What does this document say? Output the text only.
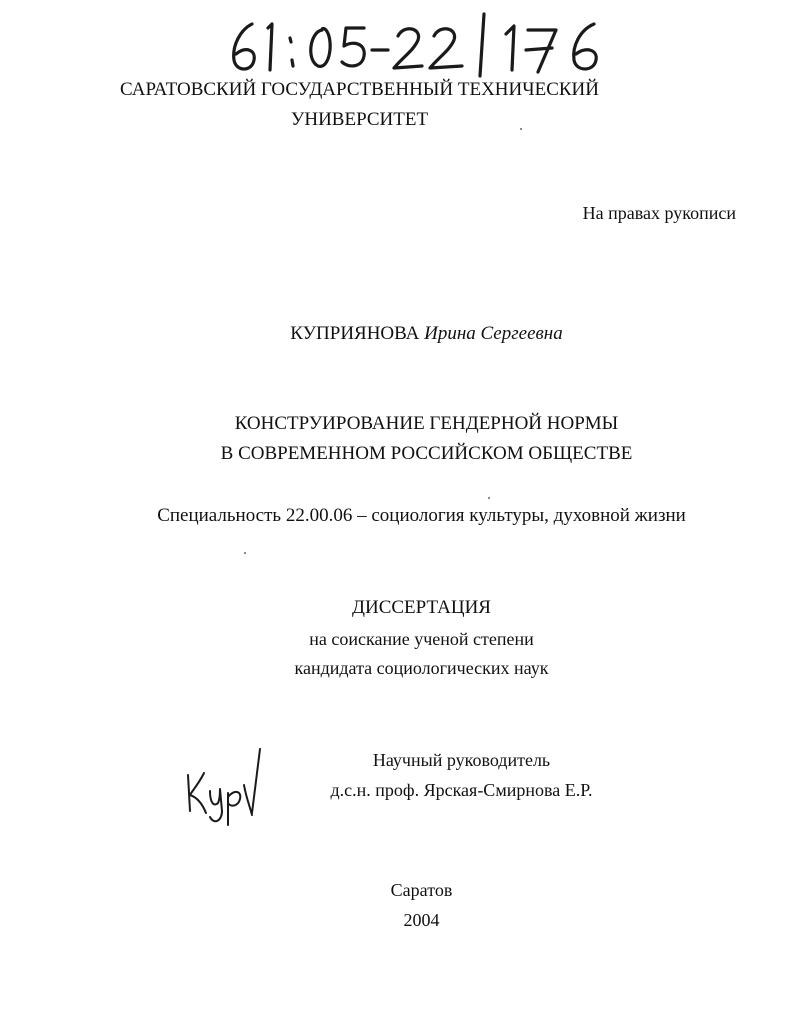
САРАТОВСКИЙ ГОСУДАРСТВЕННЫЙ ТЕХНИЧЕСКИЙ
УНИВЕРСИТЕТ
На правах рукописи
КУПРИЯНОВА Ирина Сергеевна
КОНСТРУИРОВАНИЕ ГЕНДЕРНОЙ НОРМЫ
В СОВРЕМЕННОМ РОССИЙСКОМ ОБЩЕСТВЕ
Специальность 22.00.06 – социология культуры, духовной жизни
ДИССЕРТАЦИЯ
на соискание ученой степени
кандидата социологических наук
Научный руководитель
д.с.н. проф. Ярская-Смирнова Е.Р.
Саратов
2004
